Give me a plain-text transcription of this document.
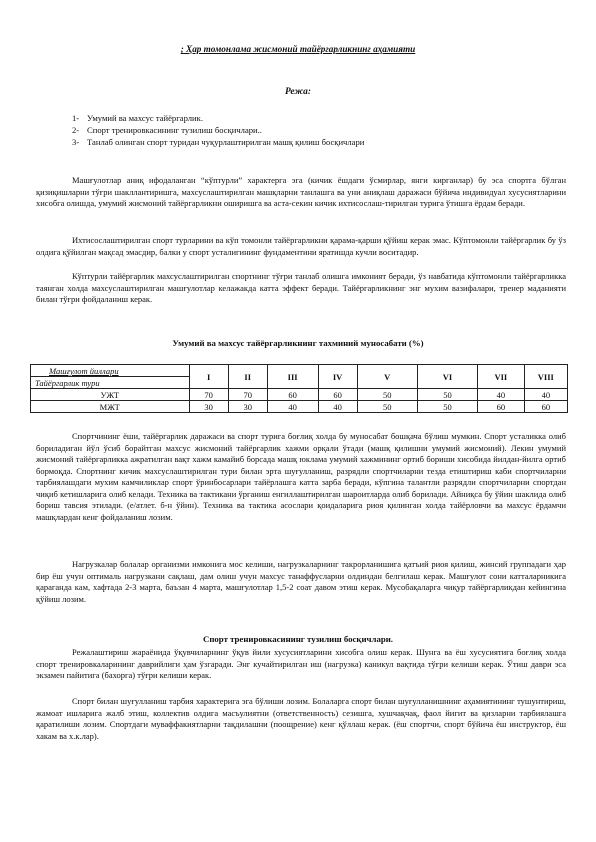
; Ҳар томонлама жисмоний тайёргарликнинг аҳамияти
Режа:
1- Умумий ва махсус тайёргарлик.
2- Спорт тренировкасининг тузилиш босқичлари..
3- Танлаб олинган спорт туридан чуқурлаштирилган машқ қилиш босқичлари

Машғулотлар аниқ ифодаланган “кўптурли” характерга эга (кичик ёшдаги ўсмирлар, янги кирганлар) бу эса спортга бўлган қизиқишларни тўғри шакллантиришга, махсуслаштирилган машқларни танлашга ва уни аниқлаш даражаси бўйича индивидуал хусусиятларини хисобга олишда, умумий жисмоний тайёргарликни оширишга ва аста-секин кичик ихтисослаш-тирилган турига ўтишга ёрдам беради.

Ихтисослаштирилган спорт турларини ва кўп томонли тайёргарликни қарама-қарши қўйиш керак эмас. Кўптомонли тайёргарлик бу ўз олдига қўйилган мақсад эмасдир, балки у спорт усталигининг фундаментини яратишда кучли воситадир.

Кўптурли тайёргарлик махсуслаштирилган спортнинг тўғри танлаб олишга имконият беради, ўз навбатида кўптомонли тайёргарликка таянган холда махсуслаштирилган машғулотлар келажакда катта эффект беради. Тайёргарликнинг энг мухим вазифалари, тренер маданияти билан тўғри фойдаланиш керак.

Умумий ва махсус тайёргарликнинг тахминий муносабати (%)
Машғулот йиллари	I	II	III	IV	V	VI	VII	VIII
Тайёргарлик тури								
УЖТ	70	70	60	60	50	50	40	40
МЖТ	30	30	40	40	50	50	60	60

Спортчининг ёши, тайёргарлик даражаси ва спорт турига боғлиқ холда бу муносабат бошқача бўлиш мумкин. Спорт усталикка олиб бориладиган йўл ўсиб борайтган махсус жисмоний тайёргарлик хажми орқали ўтади (машқ қилишни умумий жисмоний). Лекин умумий жисмоний тайёргарликка ажратилган вақт хажм камайиб борсада машқ юклама умумий хажмининг ортиб бориши хисобида йилдан-йилга ортиб бормоқда. Спортнинг кичик махсуслаштирилган тури билан эрта шуғулланиш, разрядли спортчиларни тезда етиштириш каби спортчиларни тарбиялашдаги мухим камчиликлар спорт ўринбосарлари тайёрлашга катта зарба беради, кўпгина талантли разрядли спортчиларни спортдан чиқиб кетишларига олиб келади. Техника ва тактикани ўрганиш енгиллаштирилган шароитларда олиб борилади. Айниқса бу ўйин шаклида олиб бориш тавсия этилади. (е/атлет. б-н ўйин). Техника ва тактика асослари қоидаларига риоя қилинган холда тайёрловчи ва махсус ёрдамчи машқлардан кенг фойдаланиш лозим.

Нагрузкалар болалар организми имконига мос келиши, нагрузкаларнинг такрорланишига қатъий риоя қилиш, жинсий группадаги ҳар бир ёш учун оптималь нагрузкани сақлаш, дам олиш учун махсус танаффусларни олдиндан белгилаш керак. Машғулот сони катталарникига қараганда кам, хафтада 2-3 марта, баъзан 4 марта, машғулотлар 1,5-2 соат давом этиш керак. Мусобақаларга чиқур тайёргарликдан кейингина қўйиш лозим.

Спорт тренировкасининг тузилиш босқичлари.

Режалаштириш жараёнида ўқувчиларнинг ўқув йили хусусиятларини хисобга олиш керак. Шунга ва ёш хусусиятига боғлиқ холда спорт тренировкаларининг даврийлиги ҳам ўзгаради. Энг кучайтирилган иш (нагрузка) каникул вақтида тўғри келиши керак. Ўтиш даври эса экзамен пайитига (бахорга) тўғри келиши керак.

Спорт билан шуғулланиш тарбия характерига эга бўлиши лозим. Болаларга спорт билан шуғулланишнинг аҳамиятининг тушунтириш, жамоат ишларига жалб этиш, коллектив олдига масъулиятни (ответственность) сезишга, хушчақчақ, фаол йигит ва қизларни тарбиялашга қаратилиши лозим. Спортдаги муваффакиятларни тақдилашни (поощрение) кенг қўллаш керак. (ёш спортчи, спорт бўйича ёш инструктор, ёш хакам ва х.к.лар).
